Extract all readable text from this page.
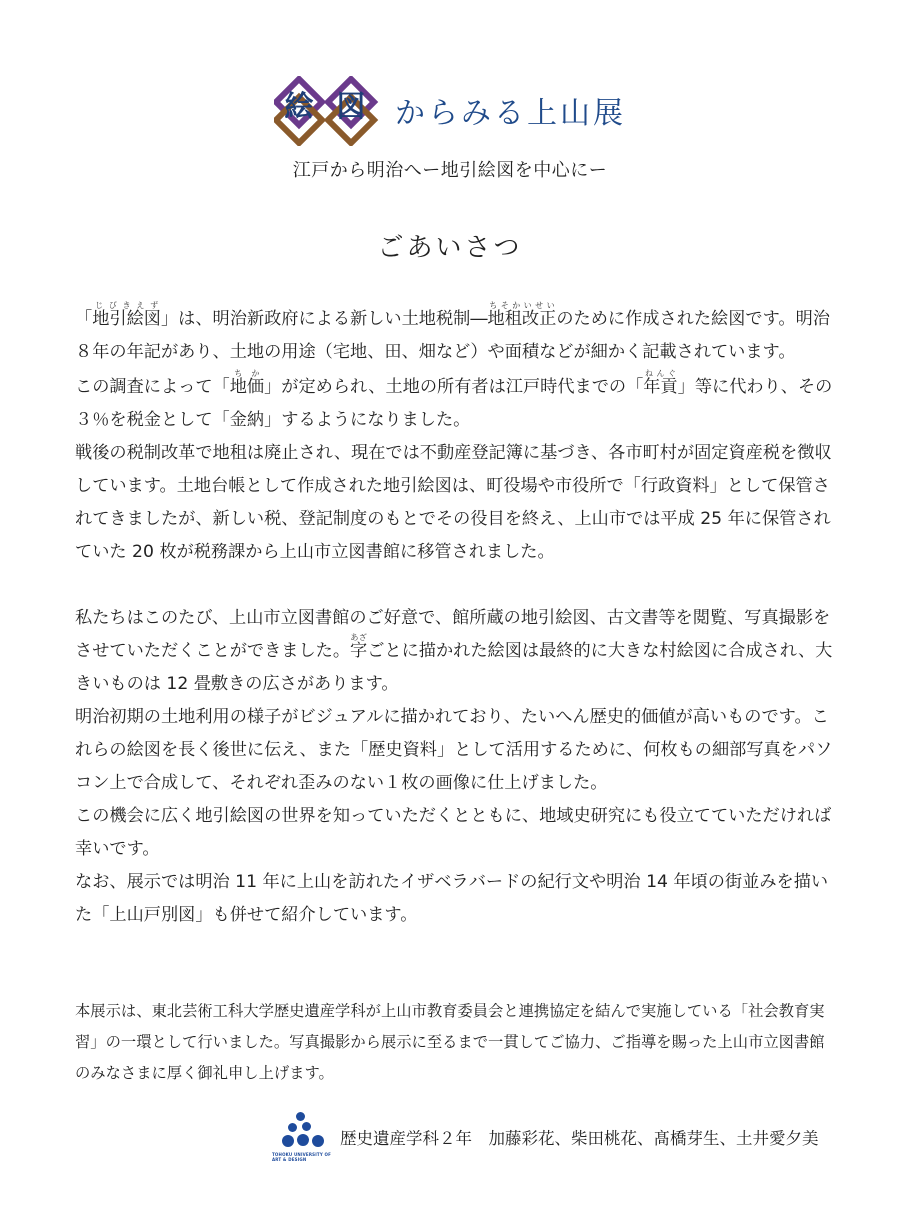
絵 図 からみる上山展
江戸から明治へー地引絵図を中心にー
ごあいさつ

「地引絵図じびきえず」は、明治新政府による新しい土地税制―地租改正ちそかいせいのために作成された絵図です。明治８年の年記があり、土地の用途（宅地、田、畑など）や面積などが細かく記載されています。

この調査によって「地価ちか」が定められ、土地の所有者は江戸時代までの「年貢ねんぐ」等に代わり、その３％を税金として「金納」するようになりました。

戦後の税制改革で地租は廃止され、現在では不動産登記簿に基づき、各市町村が固定資産税を徴収しています。土地台帳として作成された地引絵図は、町役場や市役所で「行政資料」として保管されてきましたが、新しい税、登記制度のもとでその役目を終え、上山市では平成 25 年に保管されていた 20 枚が税務課から上山市立図書館に移管されました。

私たちはこのたび、上山市立図書館のご好意で、館所蔵の地引絵図、古文書等を閲覧、写真撮影をさせていただくことができました。字あざごとに描かれた絵図は最終的に大きな村絵図に合成され、大きいものは 12 畳敷きの広さがあります。

明治初期の土地利用の様子がビジュアルに描かれており、たいへん歴史的価値が高いものです。これらの絵図を長く後世に伝え、また「歴史資料」として活用するために、何枚もの細部写真をパソコン上で合成して、それぞれ歪みのない１枚の画像に仕上げました。

この機会に広く地引絵図の世界を知っていただくとともに、地域史研究にも役立てていただければ幸いです。

なお、展示では明治 11 年に上山を訪れたイザベラバードの紀行文や明治 14 年頃の街並みを描いた「上山戸別図」も併せて紹介しています。

本展示は、東北芸術工科大学歴史遺産学科が上山市教育委員会と連携協定を結んで実施している「社会教育実習」の一環として行いました。写真撮影から展示に至るまで一貫してご協力、ご指導を賜った上山市立図書館のみなさまに厚く御礼申し上げます。

TOHOKU UNIVERSITY OF ART & DESIGN
歴史遺産学科２年　加藤彩花、柴田桃花、髙橋芽生、土井愛夕美
